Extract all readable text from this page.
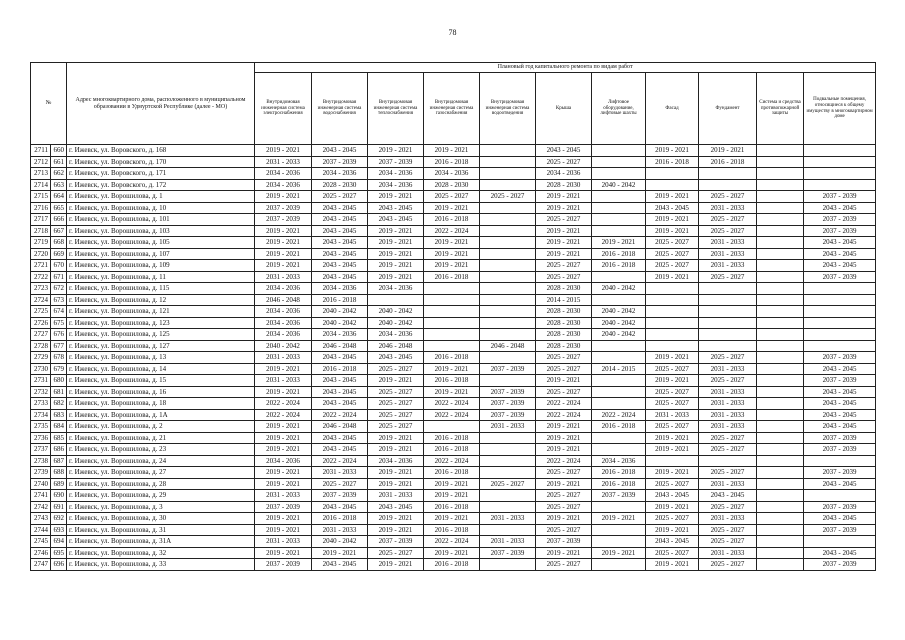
78
№		Адрес многоквартирного дома, расположенного в муниципальном образовании в Удмуртской Республике (далее - МО)	Плановый год капитального ремонта по видам работ										
			Внутридомовая инженерная система электроснабжения	Внутридомовая инженерная система водоснабжения	Внутридомовая инженерная система теплоснабжения	Внутридомовая инженерная система газоснабжения	Внутридомовая инженерная система водоотведения	Крыша	Лифтовое оборудование, лифтовые шахты	Фасад	Фундамент	Система и средства противопожарной защиты	Подвальные помещения, относящиеся к общему имуществу в многоквартирном доме
2711	660	г. Ижевск, ул. Воровского, д. 168	2019 - 2021	2043 - 2045	2019 - 2021	2019 - 2021		2043 - 2045		2019 - 2021	2019 - 2021		
2712	661	г. Ижевск, ул. Воровского, д. 170	2031 - 2033	2037 - 2039	2037 - 2039	2016 - 2018		2025 - 2027		2016 - 2018	2016 - 2018		
2713	662	г. Ижевск, ул. Воровского, д. 171	2034 - 2036	2034 - 2036	2034 - 2036	2034 - 2036		2034 - 2036					
2714	663	г. Ижевск, ул. Воровского, д. 172	2034 - 2036	2028 - 2030	2034 - 2036	2028 - 2030		2028 - 2030	2040 - 2042				
2715	664	г. Ижевск, ул. Ворошилова, д. 1	2019 - 2021	2025 - 2027	2019 - 2021	2025 - 2027	2025 - 2027	2019 - 2021		2019 - 2021	2025 - 2027		2037 - 2039
2716	665	г. Ижевск, ул. Ворошилова, д. 10	2037 - 2039	2043 - 2045	2043 - 2045	2019 - 2021		2019 - 2021		2043 - 2045	2031 - 2033		2043 - 2045
2717	666	г. Ижевск, ул. Ворошилова, д. 101	2037 - 2039	2043 - 2045	2043 - 2045	2016 - 2018		2025 - 2027		2019 - 2021	2025 - 2027		2037 - 2039
2718	667	г. Ижевск, ул. Ворошилова, д. 103	2019 - 2021	2043 - 2045	2019 - 2021	2022 - 2024		2019 - 2021		2019 - 2021	2025 - 2027		2037 - 2039
2719	668	г. Ижевск, ул. Ворошилова, д. 105	2019 - 2021	2043 - 2045	2019 - 2021	2019 - 2021		2019 - 2021	2019 - 2021	2025 - 2027	2031 - 2033		2043 - 2045
2720	669	г. Ижевск, ул. Ворошилова, д. 107	2019 - 2021	2043 - 2045	2019 - 2021	2019 - 2021		2019 - 2021	2016 - 2018	2025 - 2027	2031 - 2033		2043 - 2045
2721	670	г. Ижевск, ул. Ворошилова, д. 109	2019 - 2021	2043 - 2045	2019 - 2021	2019 - 2021		2025 - 2027	2016 - 2018	2025 - 2027	2031 - 2033		2043 - 2045
2722	671	г. Ижевск, ул. Ворошилова, д. 11	2031 - 2033	2043 - 2045	2019 - 2021	2016 - 2018		2025 - 2027		2019 - 2021	2025 - 2027		2037 - 2039
2723	672	г. Ижевск, ул. Ворошилова, д. 115	2034 - 2036	2034 - 2036	2034 - 2036			2028 - 2030	2040 - 2042				
2724	673	г. Ижевск, ул. Ворошилова, д. 12	2046 - 2048	2016 - 2018				2014 - 2015					
2725	674	г. Ижевск, ул. Ворошилова, д. 121	2034 - 2036	2040 - 2042	2040 - 2042			2028 - 2030	2040 - 2042				
2726	675	г. Ижевск, ул. Ворошилова, д. 123	2034 - 2036	2040 - 2042	2040 - 2042			2028 - 2030	2040 - 2042				
2727	676	г. Ижевск, ул. Ворошилова, д. 125	2034 - 2036	2034 - 2036	2034 - 2036			2028 - 2030	2040 - 2042				
2728	677	г. Ижевск, ул. Ворошилова, д. 127	2040 - 2042	2046 - 2048	2046 - 2048		2046 - 2048	2028 - 2030					
2729	678	г. Ижевск, ул. Ворошилова, д. 13	2031 - 2033	2043 - 2045	2043 - 2045	2016 - 2018		2025 - 2027		2019 - 2021	2025 - 2027		2037 - 2039
2730	679	г. Ижевск, ул. Ворошилова, д. 14	2019 - 2021	2016 - 2018	2025 - 2027	2019 - 2021	2037 - 2039	2025 - 2027	2014 - 2015	2025 - 2027	2031 - 2033		2043 - 2045
2731	680	г. Ижевск, ул. Ворошилова, д. 15	2031 - 2033	2043 - 2045	2019 - 2021	2016 - 2018		2019 - 2021		2019 - 2021	2025 - 2027		2037 - 2039
2732	681	г. Ижевск, ул. Ворошилова, д. 16	2019 - 2021	2043 - 2045	2025 - 2027	2019 - 2021	2037 - 2039	2025 - 2027		2025 - 2027	2031 - 2033		2043 - 2045
2733	682	г. Ижевск, ул. Ворошилова, д. 18	2022 - 2024	2043 - 2045	2025 - 2027	2022 - 2024	2037 - 2039	2022 - 2024		2025 - 2027	2031 - 2033		2043 - 2045
2734	683	г. Ижевск, ул. Ворошилова, д. 1А	2022 - 2024	2022 - 2024	2025 - 2027	2022 - 2024	2037 - 2039	2022 - 2024	2022 - 2024	2031 - 2033	2031 - 2033		2043 - 2045
2735	684	г. Ижевск, ул. Ворошилова, д. 2	2019 - 2021	2046 - 2048	2025 - 2027		2031 - 2033	2019 - 2021	2016 - 2018	2025 - 2027	2031 - 2033		2043 - 2045
2736	685	г. Ижевск, ул. Ворошилова, д. 21	2019 - 2021	2043 - 2045	2019 - 2021	2016 - 2018		2019 - 2021		2019 - 2021	2025 - 2027		2037 - 2039
2737	686	г. Ижевск, ул. Ворошилова, д. 23	2019 - 2021	2043 - 2045	2019 - 2021	2016 - 2018		2019 - 2021		2019 - 2021	2025 - 2027		2037 - 2039
2738	687	г. Ижевск, ул. Ворошилова, д. 24	2034 - 2036	2022 - 2024	2034 - 2036	2022 - 2024		2022 - 2024	2034 - 2036				
2739	688	г. Ижевск, ул. Ворошилова, д. 27	2019 - 2021	2031 - 2033	2019 - 2021	2016 - 2018		2025 - 2027	2016 - 2018	2019 - 2021	2025 - 2027		2037 - 2039
2740	689	г. Ижевск, ул. Ворошилова, д. 28	2019 - 2021	2025 - 2027	2019 - 2021	2019 - 2021	2025 - 2027	2019 - 2021	2016 - 2018	2025 - 2027	2031 - 2033		2043 - 2045
2741	690	г. Ижевск, ул. Ворошилова, д. 29	2031 - 2033	2037 - 2039	2031 - 2033	2019 - 2021		2025 - 2027	2037 - 2039	2043 - 2045	2043 - 2045		
2742	691	г. Ижевск, ул. Ворошилова, д. 3	2037 - 2039	2043 - 2045	2043 - 2045	2016 - 2018		2025 - 2027		2019 - 2021	2025 - 2027		2037 - 2039
2743	692	г. Ижевск, ул. Ворошилова, д. 30	2019 - 2021	2016 - 2018	2019 - 2021	2019 - 2021	2031 - 2033	2019 - 2021	2019 - 2021	2025 - 2027	2031 - 2033		2043 - 2045
2744	693	г. Ижевск, ул. Ворошилова, д. 31	2019 - 2021	2031 - 2033	2019 - 2021	2016 - 2018		2025 - 2027		2019 - 2021	2025 - 2027		2037 - 2039
2745	694	г. Ижевск, ул. Ворошилова, д. 31А	2031 - 2033	2040 - 2042	2037 - 2039	2022 - 2024	2031 - 2033	2037 - 2039		2043 - 2045	2025 - 2027		
2746	695	г. Ижевск, ул. Ворошилова, д. 32	2019 - 2021	2019 - 2021	2025 - 2027	2019 - 2021	2037 - 2039	2019 - 2021	2019 - 2021	2025 - 2027	2031 - 2033		2043 - 2045
2747	696	г. Ижевск, ул. Ворошилова, д. 33	2037 - 2039	2043 - 2045	2019 - 2021	2016 - 2018		2025 - 2027		2019 - 2021	2025 - 2027		2037 - 2039
